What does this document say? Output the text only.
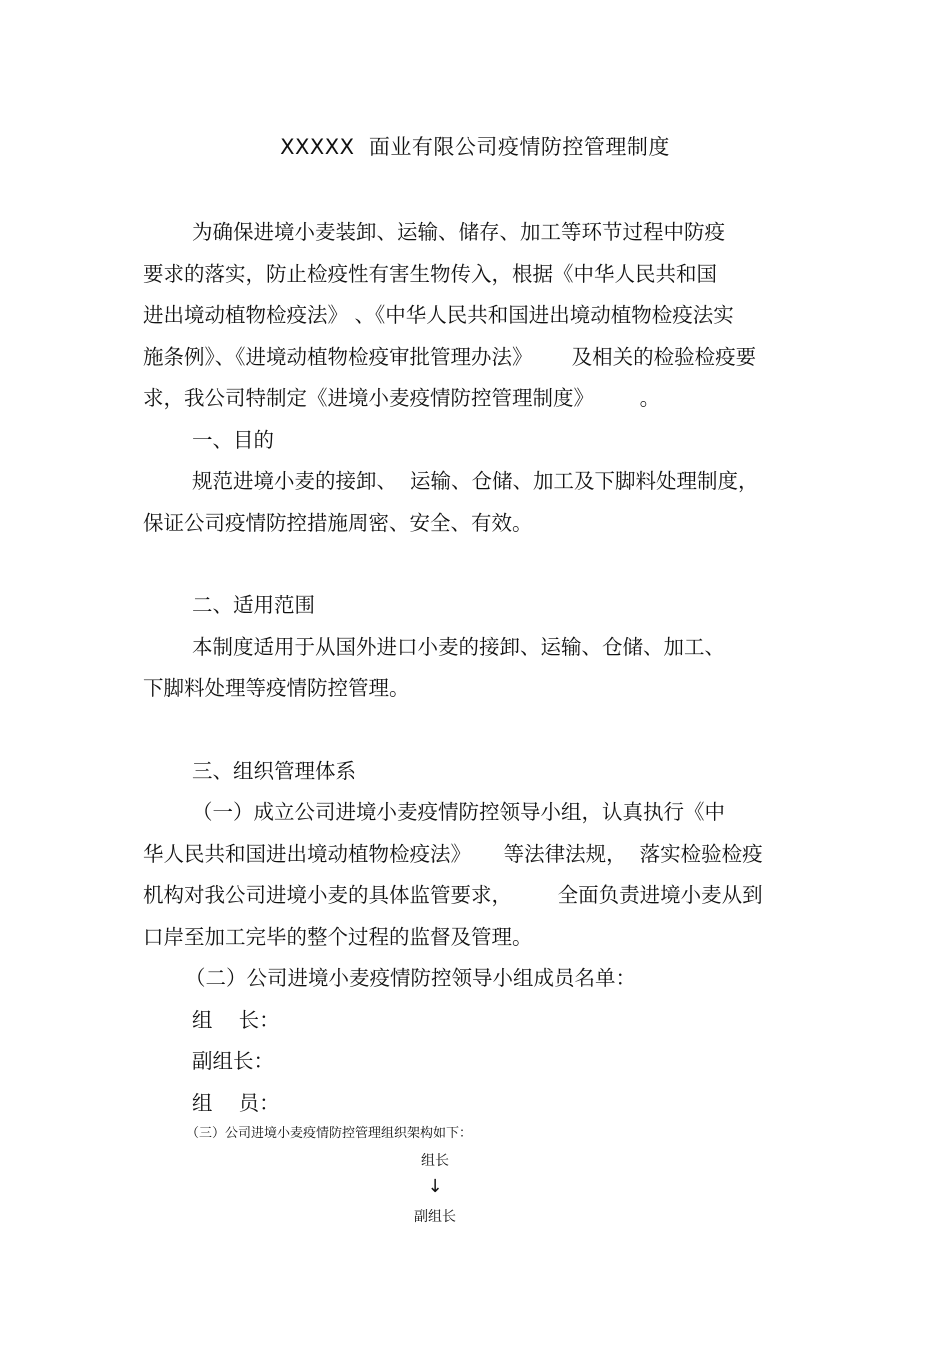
XXXXX  面业有限公司疫情防控管理制度

为确保进境小麦装卸、运输、储存、加工等环节过程中防疫
要求的落实，防止检疫性有害生物传入，根据《中华人民共和国
进出境动植物检疫法》 、《中华人民共和国进出境动植物检疫法实
施条例》、《进境动植物检疫审批管理办法》      及相关的检验检疫要
求，我公司特制定《进境小麦疫情防控管理制度》       。

一、目的

规范进境小麦的接卸、  运输、仓储、加工及下脚料处理制度，
保证公司疫情防控措施周密、安全、有效。

二、适用范围

本制度适用于从国外进口小麦的接卸、运输、仓储、加工、
下脚料处理等疫情防控管理。

三、组织管理体系

（一）成立公司进境小麦疫情防控领导小组，认真执行《中
华人民共和国进出境动植物检疫法》     等法律法规，  落实检验检疫
机构对我公司进境小麦的具体监管要求，       全面负责进境小麦从到
口岸至加工完毕的整个过程的监督及管理。

（二）公司进境小麦疫情防控领导小组成员名单：

组    长：

副组长：

组    员：

（三）公司进境小麦疫情防控管理组织架构如下：
组长
↓
副组长
